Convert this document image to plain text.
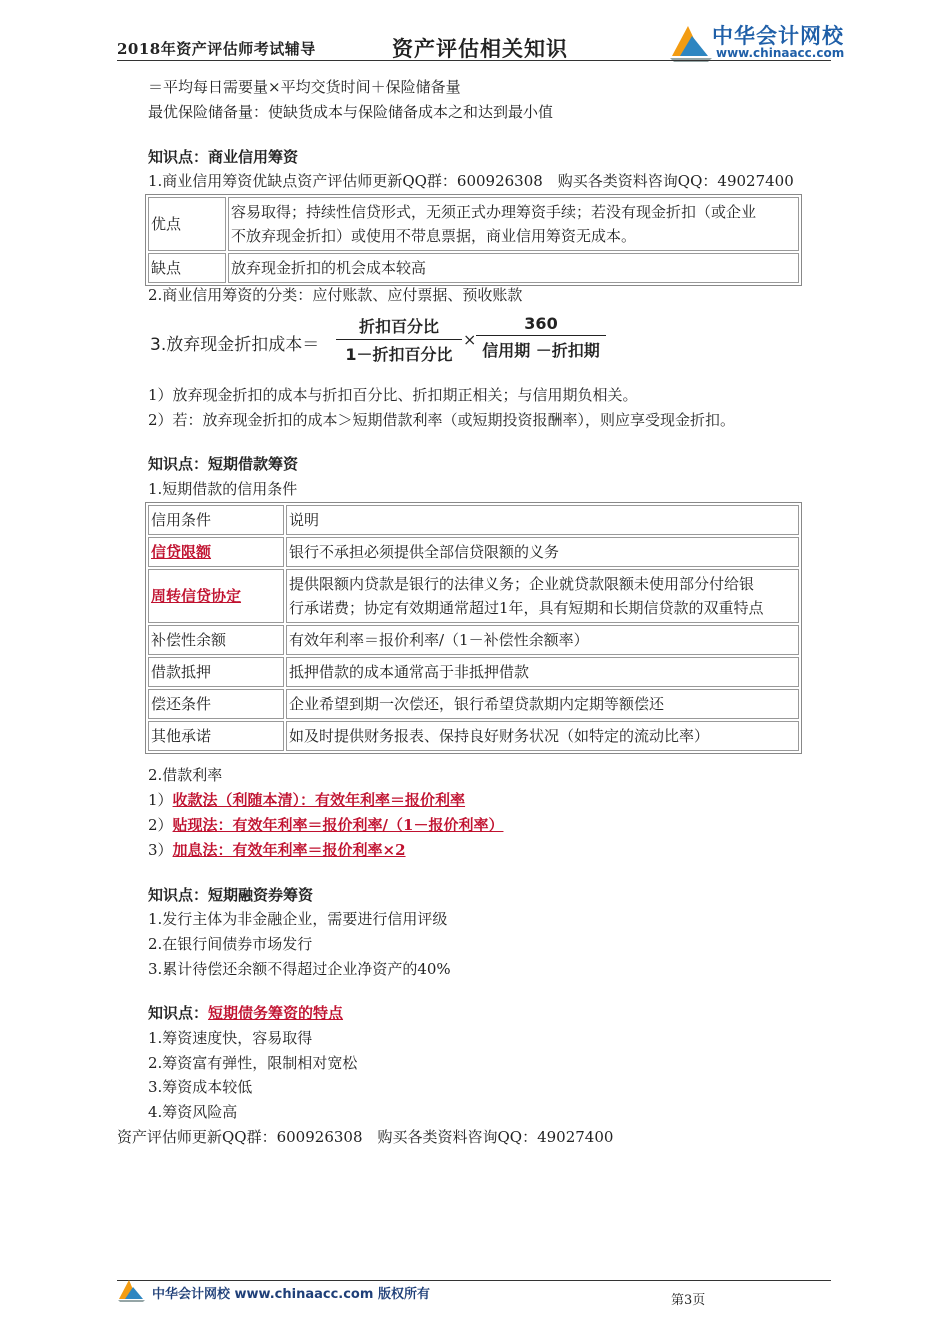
2018年资产评估师考试辅导	资产评估相关知识	中华会计网校
www.chinaacc.com
＝平均每日需要量×平均交货时间＋保险储备量
最优保险储备量：使缺货成本与保险储备成本之和达到最小值
知识点：商业信用筹资
1.商业信用筹资优缺点资产评估师更新QQ群：600926308　购买各类资料咨询QQ：49027400
优点	容易取得；持续性信贷形式，无须正式办理筹资手续；若没有现金折扣（或企业
不放弃现金折扣）或使用不带息票据，商业信用筹资无成本。

缺点	放弃现金折扣的机会成本较高
2.商业信用筹资的分类：应付账款、应付票据、预收账款
3.放弃现金折扣成本＝
折扣百分比
1－折扣百分比
×
360
信用期 －折扣期
1）放弃现金折扣的成本与折扣百分比、折扣期正相关；与信用期负相关。
2）若：放弃现金折扣的成本＞短期借款利率（或短期投资报酬率），则应享受现金折扣。
知识点：短期借款筹资
1.短期借款的信用条件
信用条件	说明
信贷限额	银行不承担必须提供全部信贷限额的义务
周转信贷协定	提供限额内贷款是银行的法律义务；企业就贷款限额未使用部分付给银
行承诺费；协定有效期通常超过1年，具有短期和长期信贷款的双重特点

补偿性余额	有效年利率＝报价利率/（1－补偿性余额率）
借款抵押	抵押借款的成本通常高于非抵押借款
偿还条件	企业希望到期一次偿还，银行希望贷款期内定期等额偿还
其他承诺	如及时提供财务报表、保持良好财务状况（如特定的流动比率）
2.借款利率
1）收款法（利随本清）：有效年利率＝报价利率
2）贴现法：有效年利率＝报价利率/（1－报价利率）
3）加息法：有效年利率＝报价利率×2
知识点：短期融资券筹资
1.发行主体为非金融企业，需要进行信用评级
2.在银行间债券市场发行
3.累计待偿还余额不得超过企业净资产的40%
知识点：短期债务筹资的特点
1.筹资速度快，容易取得
2.筹资富有弹性，限制相对宽松
3.筹资成本较低
4.筹资风险高
资产评估师更新QQ群：600926308　购买各类资料咨询QQ：49027400
中华会计网校 www.chinaacc.com 版权所有	第3页
